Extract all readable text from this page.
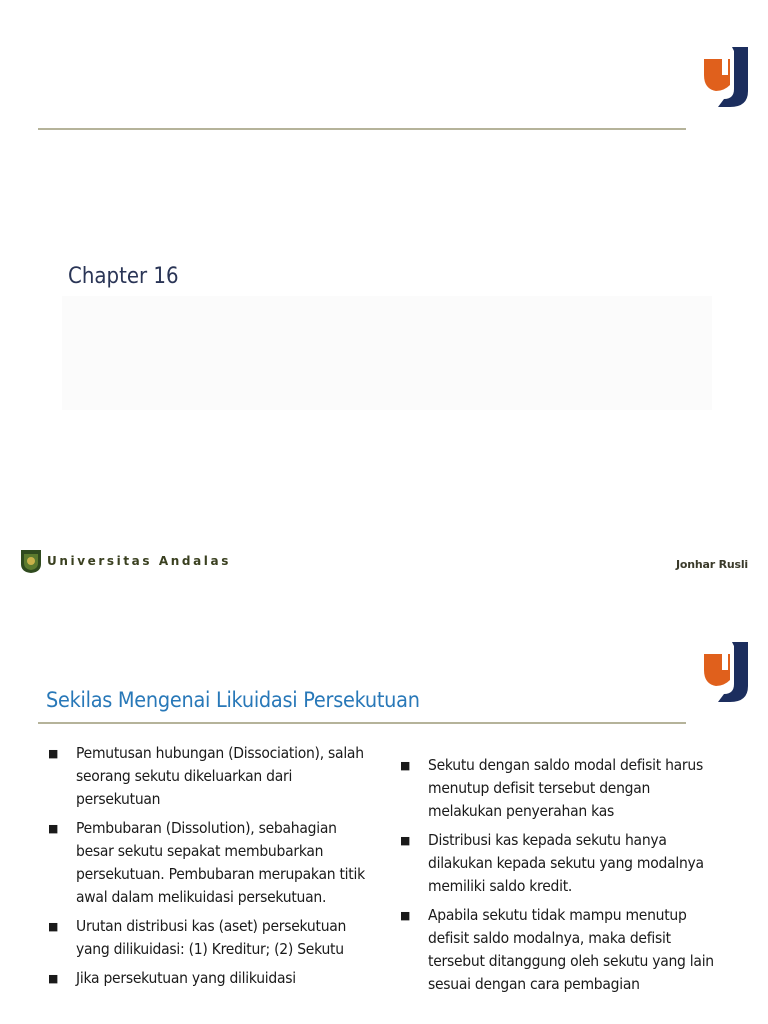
Chapter 16
Universitas Andalas	Jonhar Rusli
Sekilas Mengenai Likuidasi Persekutuan
■ Pemutusan hubungan (Dissociation), salah seorang sekutu dikeluarkan dari persekutuan
■ Pembubaran (Dissolution), sebahagian besar sekutu sepakat membubarkan persekutuan. Pembubaran merupakan titik awal dalam melikuidasi persekutuan.
■ Urutan distribusi kas (aset) persekutuan yang dilikuidasi: (1) Kreditur; (2) Sekutu
■ Jika persekutuan yang dilikuidasi
■ Sekutu dengan saldo modal defisit harus menutup defisit tersebut dengan melakukan penyerahan kas
■ Distribusi kas kepada sekutu hanya dilakukan kepada sekutu yang modalnya memiliki saldo kredit.
■ Apabila sekutu tidak mampu menutup defisit saldo modalnya, maka defisit tersebut ditanggung oleh sekutu yang lain sesuai dengan cara pembagian
